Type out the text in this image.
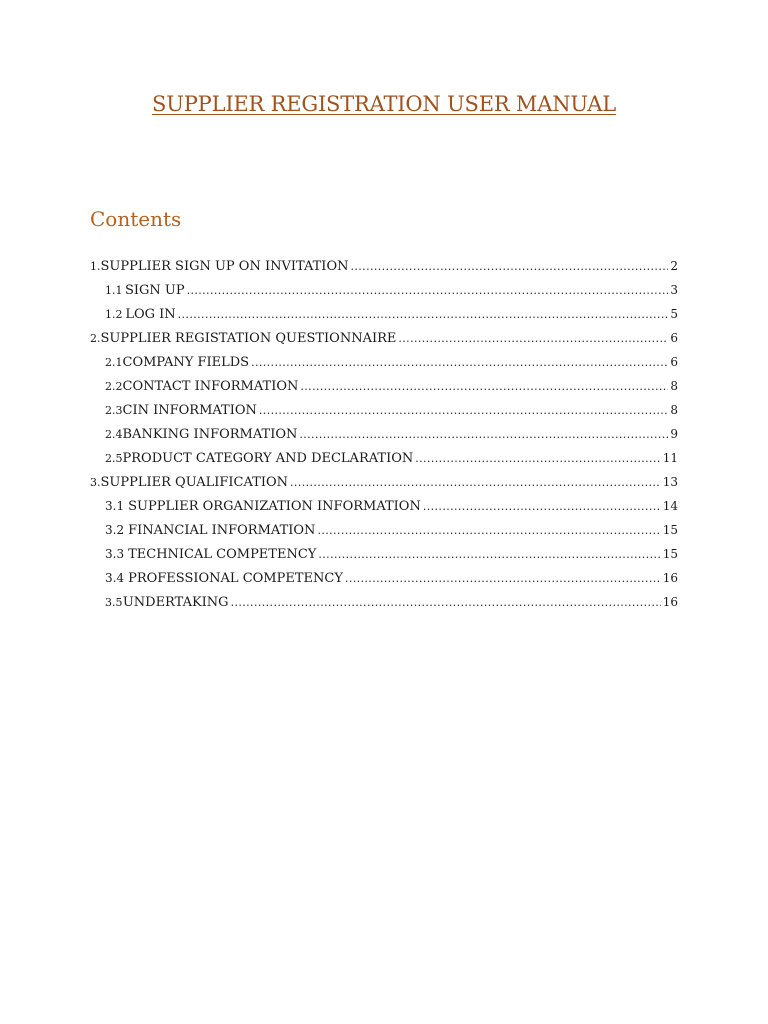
SUPPLIER REGISTRATION USER MANUAL
Contents
1. SUPPLIER SIGN UP ON INVITATION .....	2
1.1 SIGN UP .....	3
1.2 LOG IN .....	5
2. SUPPLIER REGISTATION QUESTIONNAIRE .....	6
2.1 COMPANY FIELDS .....	6
2.2 CONTACT INFORMATION .....	8
2.3 CIN INFORMATION .....	8
2.4 BANKING INFORMATION .....	9
2.5 PRODUCT CATEGORY AND DECLARATION .....	11
3. SUPPLIER QUALIFICATION .....	13
3.1 SUPPLIER ORGANIZATION INFORMATION .....	14
3.2 FINANCIAL INFORMATION .....	15
3.3 TECHNICAL COMPETENCY .....	15
3.4 PROFESSIONAL COMPETENCY .....	16
3.5 UNDERTAKING .....	16
